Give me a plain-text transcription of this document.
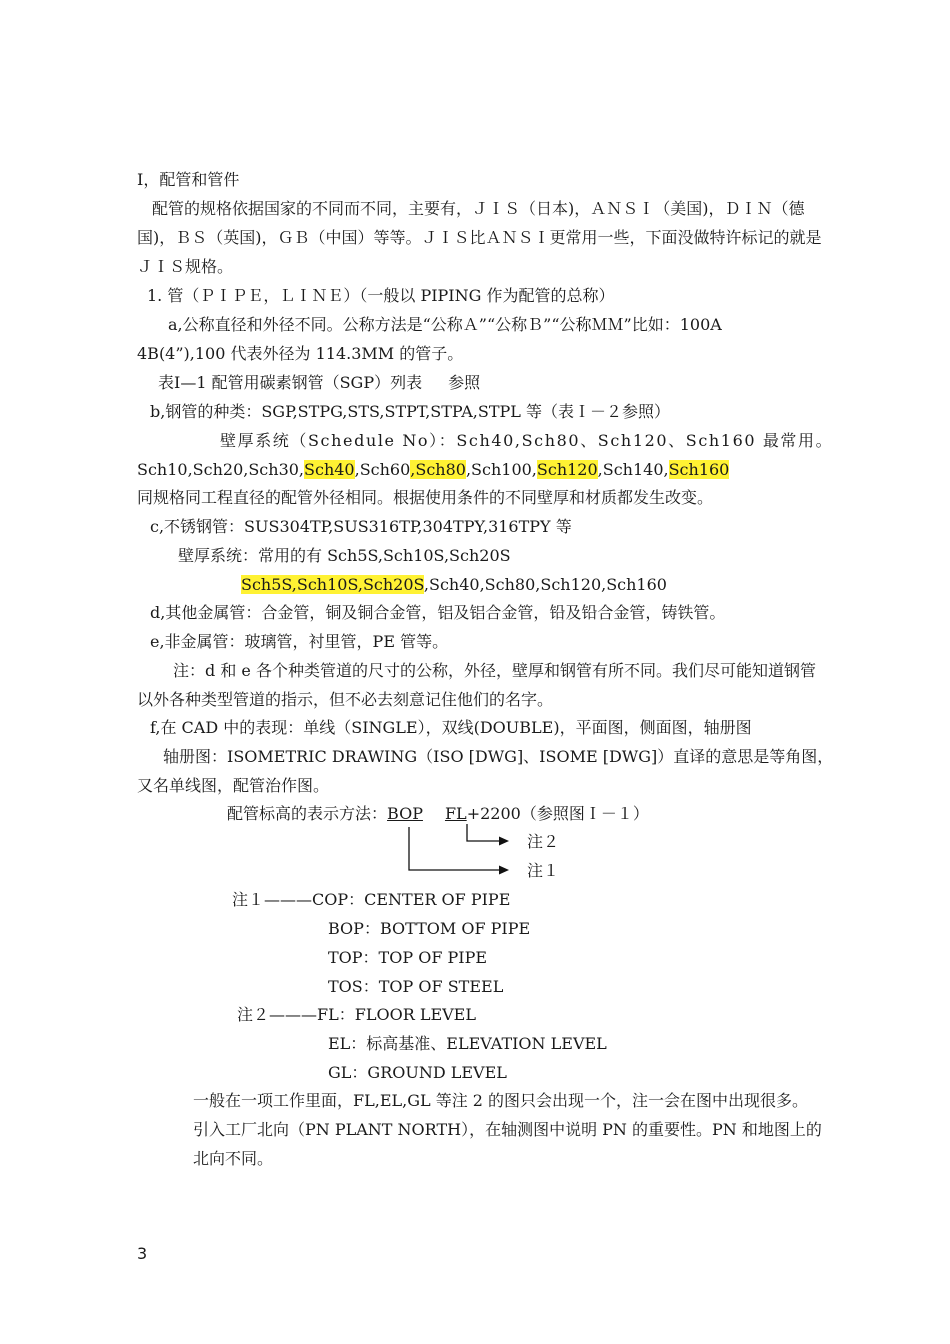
I，配管和管件
配管的规格依据国家的不同而不同，主要有，ＪＩＳ（日本)，ＡＮＳＩ（美国)，ＤＩＮ（德
国)，ＢＳ（英国)，ＧＢ（中国）等等。ＪＩＳ比ＡＮＳＩ更常用一些，下面没做特许标记的就是
ＪＩＳ规格。
1. 管（ＰＩＰＥ，ＬＩＮＥ）（一般以 PIPING 作为配管的总称）
a,公称直径和外径不同。公称方法是“公称Ａ”“公称Ｂ”“公称ＭＭ”比如：100A
4B(4”),100 代表外径为 114.3MM 的管子。
表I—1 配管用碳素钢管（SGP）列表 参照
b,钢管的种类：SGP,STPG,STS,STPT,STPA,STPL 等（表Ｉ－２参照）
壁厚系统（Schedule No）：Sch40,Sch80、Sch120、Sch160 最常用。
Sch10,Sch20,Sch30,Sch40,Sch60,Sch80,Sch100,Sch120,Sch140,Sch160
同规格同工程直径的配管外径相同。根据使用条件的不同壁厚和材质都发生改变。
c,不锈钢管：SUS304TP,SUS316TP,304TPY,316TPY 等
壁厚系统：常用的有 Sch5S,Sch10S,Sch20S
Sch5S,Sch10S,Sch20S,Sch40,Sch80,Sch120,Sch160
d,其他金属管：合金管，铜及铜合金管，铝及铝合金管，铅及铅合金管，铸铁管。
e,非金属管：玻璃管，衬里管，PE 管等。
注：d 和 e 各个种类管道的尺寸的公称，外径，壁厚和钢管有所不同。我们尽可能知道钢管
以外各种类型管道的指示，但不必去刻意记住他们的名字。
f,在 CAD 中的表现：单线（SINGLE），双线(DOUBLE)，平面图，侧面图，轴册图
轴册图：ISOMETRIC DRAWING（ISO [DWG]、ISOME [DWG]）直译的意思是等角图，
又名单线图，配管治作图。
配管标高的表示方法：BOP FL+2200（参照图Ｉ－１）
注２
注１
注１———COP：CENTER OF PIPE
BOP：BOTTOM OF PIPE
TOP：TOP OF PIPE
TOS：TOP OF STEEL
注２———FL：FLOOR LEVEL
EL：标高基准、ELEVATION LEVEL
GL：GROUND LEVEL
一般在一项工作里面，FL,EL,GL 等注 2 的图只会出现一个，注一会在图中出现很多。
引入工厂北向（PN PLANT NORTH），在轴测图中说明 PN 的重要性。PN 和地图上的
北向不同。
3
